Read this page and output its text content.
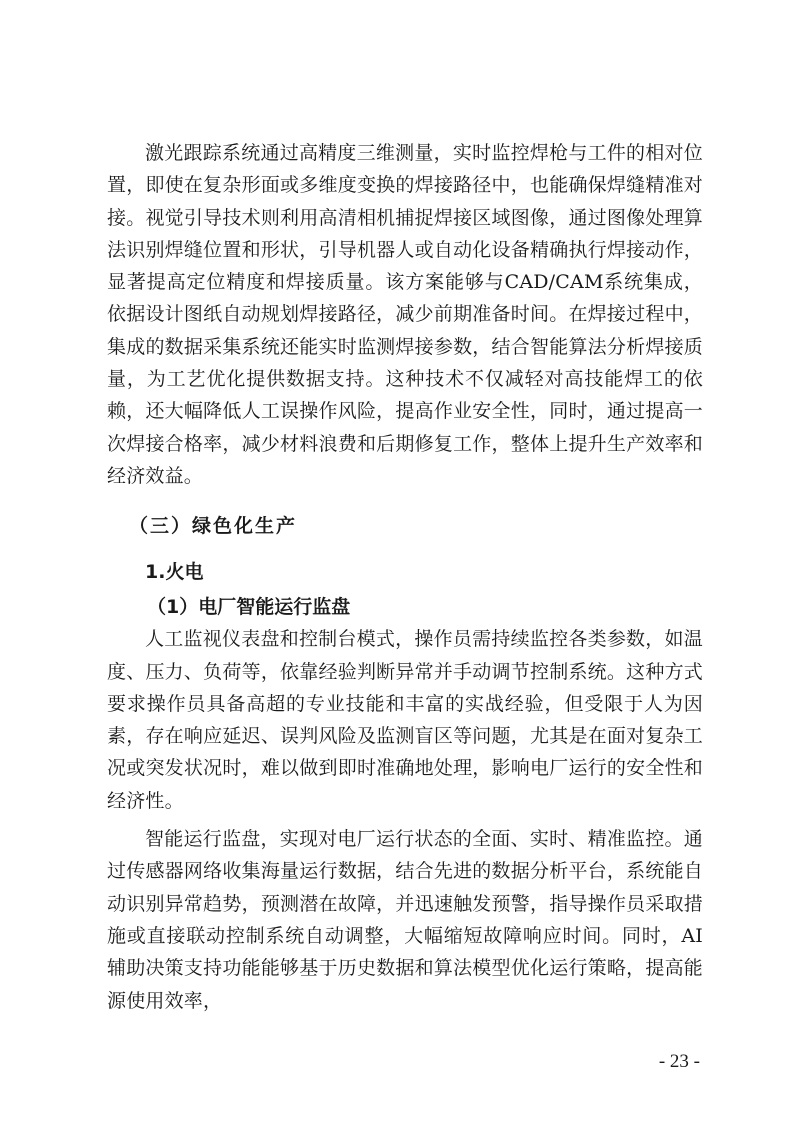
激光跟踪系统通过高精度三维测量，实时监控焊枪与工件的相对位置，即使在复杂形面或多维度变换的焊接路径中，也能确保焊缝精准对接。视觉引导技术则利用高清相机捕捉焊接区域图像，通过图像处理算法识别焊缝位置和形状，引导机器人或自动化设备精确执行焊接动作，显著提高定位精度和焊接质量。该方案能够与CAD/CAM系统集成，依据设计图纸自动规划焊接路径，减少前期准备时间。在焊接过程中，集成的数据采集系统还能实时监测焊接参数，结合智能算法分析焊接质量，为工艺优化提供数据支持。这种技术不仅减轻对高技能焊工的依赖，还大幅降低人工误操作风险，提高作业安全性，同时，通过提高一次焊接合格率，减少材料浪费和后期修复工作，整体上提升生产效率和经济效益。

（三）绿色化生产
1.火电
（1）电厂智能运行监盘

人工监视仪表盘和控制台模式，操作员需持续监控各类参数，如温度、压力、负荷等，依靠经验判断异常并手动调节控制系统。这种方式要求操作员具备高超的专业技能和丰富的实战经验，但受限于人为因素，存在响应延迟、误判风险及监测盲区等问题，尤其是在面对复杂工况或突发状况时，难以做到即时准确地处理，影响电厂运行的安全性和经济性。

智能运行监盘，实现对电厂运行状态的全面、实时、精准监控。通过传感器网络收集海量运行数据，结合先进的数据分析平台，系统能自动识别异常趋势，预测潜在故障，并迅速触发预警，指导操作员采取措施或直接联动控制系统自动调整，大幅缩短故障响应时间。同时，AI辅助决策支持功能能够基于历史数据和算法模型优化运行策略，提高能源使用效率，

- 23 -
